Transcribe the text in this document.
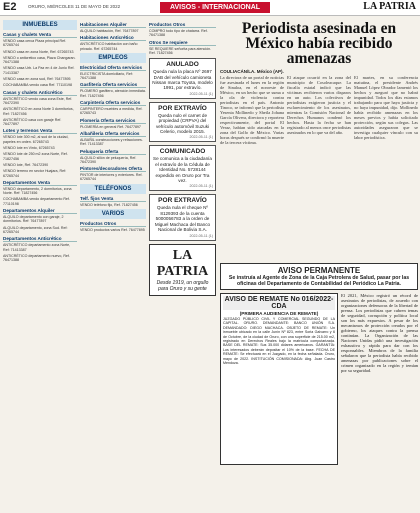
E2	ORURO, MIÉRCOLES 11 DE MAYO DE 2022	AVISOS - INTERNACIONAL	LA PATRIA
INMUEBLES
Casas y chalets Venta
VENDO casa cerca Plaza principal Ref. 67265744
VENDO casa en zona Norte, Ref. 67265743
VENDO o anticretico casa, Plaza Changaran. 76471388
VENDO casa Urb. La Paz en 4 de Junio Ref. 71413387
VENDO casa en zona sud, Ref: 76477895
COCHABAMBA vendo casa Ref. 77110198
Casas y chalets Anticrético
ANTICRÉTICO vendo casa zona Este, Ref. 76472390
ANTICRÉTICO en zona Norte 3 dormitorios, Ref: 71827456
ANTICRÉTICO casa con garaje Ref. 76477897
Lotes y terrenos Venta
VENDO lote 300 m2, al sud de la ciudad, papeles en orden. 67265743
VENDO lote en Vinto, 67265743
VENDO lote de 250 m2 zona Norte, Ref. 71827456
VENDO lote, Ref. 76472390
VENDO terreno en sector Huajara, Ref: 67265744
Departamentos Venta
VENDO departamento, 2 dormitorios, zona Norte. Ref: 71827456
COCHABAMBA vendo departamento Ref. 77110198
Departamentos Alquiler
ALQUILO departamento con garaje, 2 dormitorios. Ref: 76477897
ALQUILO departamento, zona Sud. Ref: 67265744
Departamentos Anticrético
ANTICRÉTICO departamento zona Norte, Ref: 71413387
ANTICRÉTICO departamento nuevo, Ref. 76471388
Habitaciones Alquiler
ALQUILO habitación, Ref. 76477897
Habitaciones Anticrético
ANTICRÉTICO habitación con baño privado. Ref. 67265744
EMPLEOS
Electricidad Oferta servicios
ELECTRICISTA domiciliario, Ref: 76471388
Gasfitería Oferta servicios
PLOMERO gasfitero, atención inmediata. Ref. 71827456
Carpintería Oferta servicios
CARPINTERO muebles a medida, Ref. 67265743
Plomería Oferta servicios
PLOMERÍA en general Ref. 76477897
Albañilería Oferta servicios
ALBAÑIL construcciones y refacciones. Ref. 71413387
Peluquería Oferta
ALQUILO sillón de peluquería, Ref. 76472390
Pintores/decoradores Oferta
PINTOR de interiores y exteriores. Ref. 67265744
TELÉFONOS
Telf. fijos Venta
VENDO teléfono fijo, Ref. 71827456
VARIOS
Productos Otros
VENDO productos varios Ref. 76477895
Productos Otros
COMPRO todo tipo de chatarra. Ref. 76471388
Otros Se requiere
SE REQUIERE señorita para atención. Ref. 71827456
ANULADO
Queda nula la placa Nº 2697 DAB del vehículo camioneta Nissan marca Toyota, modelo 1991, por extravío.
2022-05-11 (1)
POR EXTRAVÍO
Queda nulo el carnet de propiedad (CRPVA) del vehículo automóvil Suzuki Celerio, modelo 2015.
2022-05-11 (1)
COMUNICADO
Se comunica a la ciudadanía el extravío de la Cédula de Identidad No. 5728144 expedido en Oruro por Tra vez.
2022-05-11 (1)
POR EXTRAVÍO
Queda nula el cheque Nº 8129393 de la cuenta 5000056783 a la orden de Miguel Machaca del Banco Nacional de Bolivia S.A.
2022-05-11 (1)
LA PATRIA
Desde 1919, un orgullo para Oruro y su gente
Periodista asesinada en México había recibido amenazas
COULIACÁN/LA. México (AP).
La directora de un portal de noticias fue asesinada el lunes en la región de Sinaloa, en el noroeste de México, en un hecho que se suma a la ola de violencia contra periodistas en el país. Antonio Tinoco, se informó que la periodista Yesenia Mollinedo y Sheila Johana García Olivera, directora y reportera respectivamente, del portal El Veraz, habían sido atacadas en la zona del Golfo de México. Varias horas después se confirmó la muerte de la tercera víctima.
El ataque ocurrió en la zona del municipio de Cosoleacaque. La fiscalía estatal indicó que las víctimas recibieron varios disparos en un auto. Los colectivos de periodistas exigieron justicia y el esclarecimiento de los asesinatos, mientras la Comisión Nacional de Derechos Humanos condenó los hechos. Hasta la fecha se han registrado al menos once periodistas asesinados en lo que va del año.
El martes, en su conferencia matutina, el presidente Andrés Manuel López Obrador lamentó los hechos y aseguró que no habrá impunidad. Todos los días estamos trabajando para que haya justicia y no haya impunidad, dijo. Mollinedo había recibido amenazas en los meses previos y había solicitado protección, según sus colegas. Las autoridades aseguraron que se investiga cualquier vínculo con su labor periodística.
AVISO PERMANENTE
Se instruía al Agente de Zona de la Caja Petrolera de Salud, pasar por las oficinas del Departamento de Contabilidad del Periódico La Patria.
AVISO DE REMATE No 016/2022-CDA
(PRIMERA AUDIENCIA DE REMATE)
JUZGADO PÚBLICO CIVIL Y COMERCIAL SEGUNDO DE LA CAPITAL. ORURO. DEMANDANTE: BANCO UNIÓN S.A. DEMANDADO: DIEGO MACHACA. OBJETO DE REMATE: Un inmueble ubicado en la calle Junín Nº 823, entre Soria Galvarro y 6 de Octubre, de la ciudad de Oruro, con una superficie de 215.00 m2, registrado en Derechos Reales bajo la matrícula computarizada. BASE DEL REMATE: Sus 35.000 dólares americanos. GARANTÍA: Los interesados deberán depositar el 10% de la base. FECHA DE REMATE: Se efectuará en el Juzgado, en la fecha señalada. Oruro, mayo de 2022. INSTITUCIÓN COMISIONADA: Abg. Juan Castro Mendoza.
El 2021, México registró un récord de asesinatos de periodistas, de acuerdo con organizaciones defensoras de la libertad de prensa. Los periodistas que cubren temas de seguridad, corrupción y política local son los más expuestos. A pesar de los mecanismos de protección creados por el gobierno, los ataques contra la prensa continúan. La Organización de las Naciones Unidas pidió una investigación exhaustiva y rápida para dar con los responsables. Miembros de la familia señalaron que la periodista había recibido amenazas por publicaciones sobre el crimen organizado en la región y temían por su seguridad.
